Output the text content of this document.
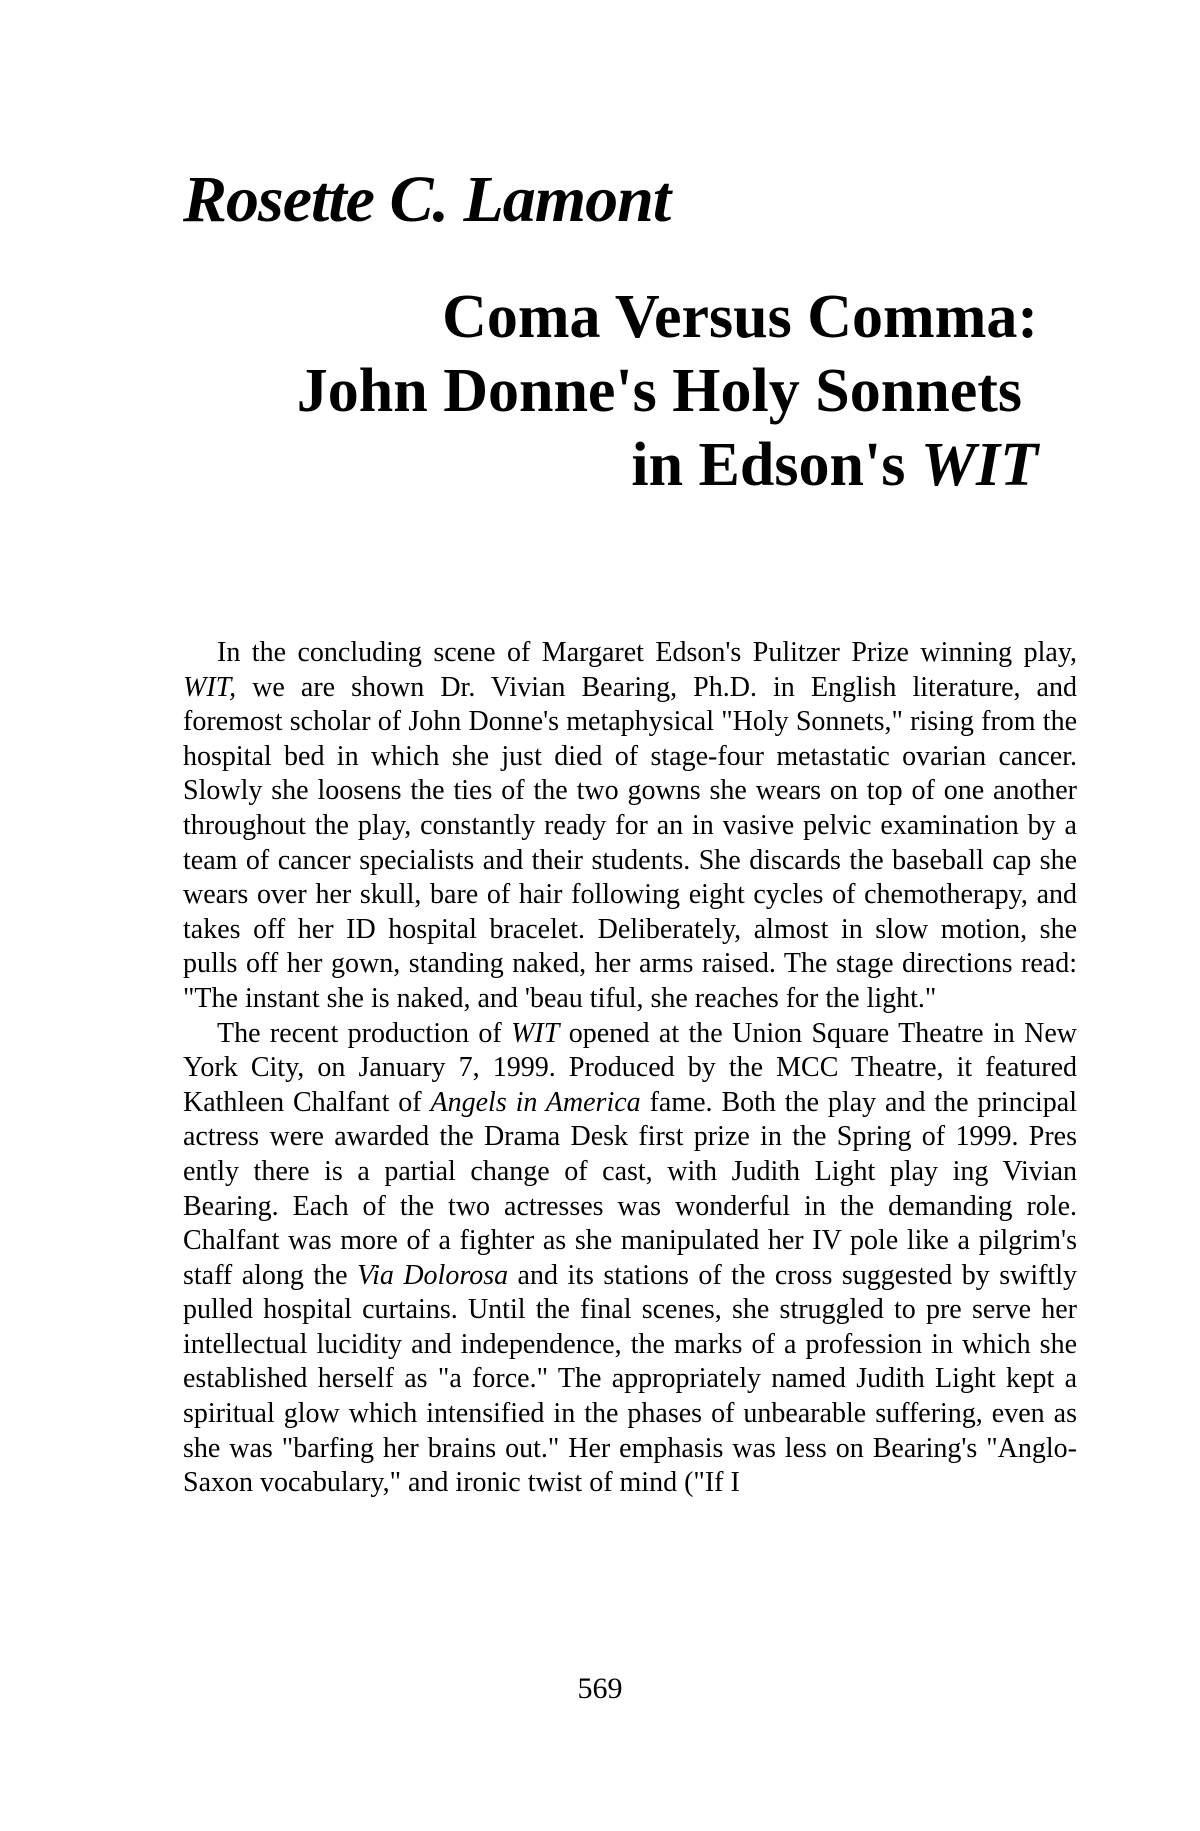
Rosette C. Lamont
Coma Versus Comma:
John Donne's Holy Sonnets
in Edson's WIT

In the concluding scene of Margaret Edson's Pulitzer Prize winning play, WIT, we are shown Dr. Vivian Bearing, Ph.D. in English literature, and foremost scholar of John Donne's metaphysical "Holy Sonnets," rising from the hospital bed in which she just died of stage-four metastatic ovarian cancer. Slowly she loosens the ties of the two gowns she wears on top of one another throughout the play, constantly ready for an in vasive pelvic examination by a team of cancer specialists and their students. She discards the baseball cap she wears over her skull, bare of hair following eight cycles of chemotherapy, and takes off her ID hospital bracelet. Deliberately, almost in slow motion, she pulls off her gown, standing naked, her arms raised. The stage directions read: "The instant she is naked, and 'beau tiful, she reaches for the light."

The recent production of WIT opened at the Union Square Theatre in New York City, on January 7, 1999. Produced by the MCC Theatre, it featured Kathleen Chalfant of Angels in America fame. Both the play and the principal actress were awarded the Drama Desk first prize in the Spring of 1999. Pres ently there is a partial change of cast, with Judith Light play ing Vivian Bearing. Each of the two actresses was wonderful in the demanding role. Chalfant was more of a fighter as she manipulated her IV pole like a pilgrim's staff along the Via Dolorosa and its stations of the cross suggested by swiftly pulled hospital curtains. Until the final scenes, she struggled to pre serve her intellectual lucidity and independence, the marks of a profession in which she established herself as "a force." The appropriately named Judith Light kept a spiritual glow which intensified in the phases of unbearable suffering, even as she was "barfing her brains out." Her emphasis was less on Bearing's "Anglo-Saxon vocabulary," and ironic twist of mind ("If I

569
